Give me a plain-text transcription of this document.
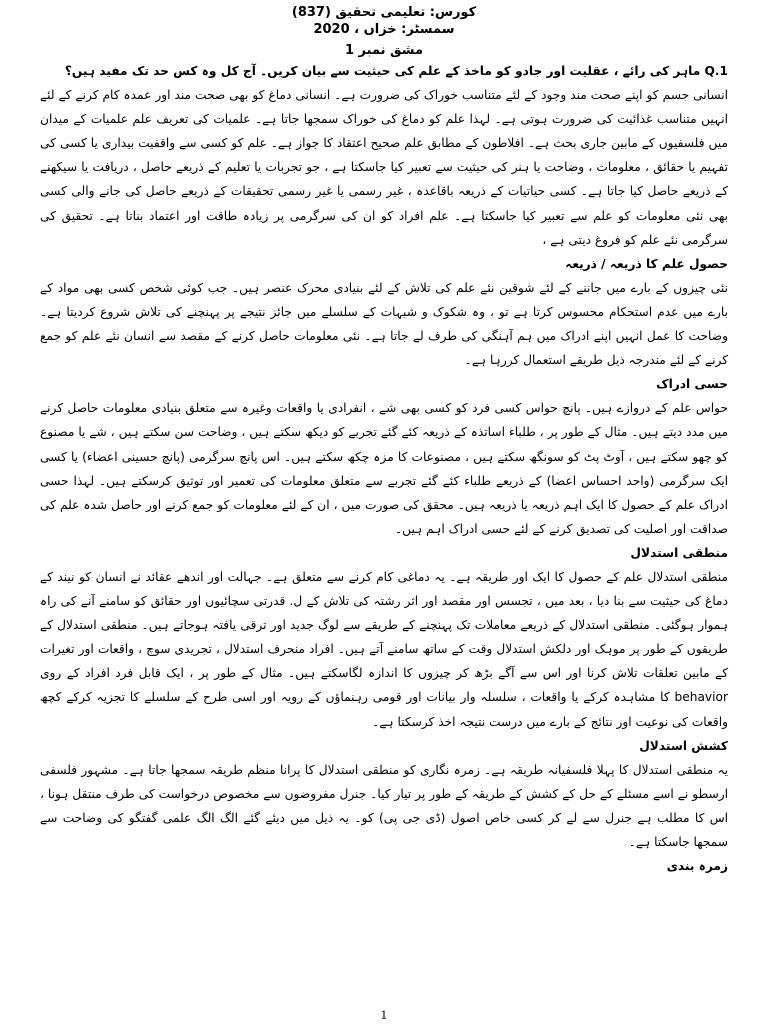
کورس: تعلیمی تحقیق (837)
سمسٹر: خزاں ، 2020
مشق نمبر 1

Q.1 ماہر کی رائے ، عقلیت اور جادو کو ماخذ کے علم کی حیثیت سے بیان کریں۔ آج کل وہ کس حد تک مفید ہیں؟

انسانی جسم کو اپنے صحت مند وجود کے لئے متناسب خوراک کی ضرورت ہے۔ انسانی دماغ کو بھی صحت مند اور عمدہ کام کرنے کے لئے انہیں متناسب غذائیت کی ضرورت ہوتی ہے۔ لہذا علم کو دماغ کی خوراک سمجھا جاتا ہے۔ علمیات کی تعریف علم علمیات کے میدان میں فلسفیوں کے مابین جاری بحث ہے۔ افلاطون کے مطابق علم صحیح اعتقاد کا جواز ہے۔ علم کو کسی سے واقفیت بیداری یا کسی کی تفہیم یا حقائق ، معلومات ، وضاحت یا ہنر کی حیثیت سے تعبیر کیا جاسکتا ہے ، جو تجربات یا تعلیم کے ذریعے حاصل ، دریافت یا سیکھنے کے ذریعے حاصل کیا جاتا ہے۔ کسی حیاتیات کے ذریعہ باقاعدہ ، غیر رسمی یا غیر رسمی تحقیقات کے ذریعے حاصل کی جانے والی کسی بھی نئی معلومات کو علم سے تعبیر کیا جاسکتا ہے۔ علم افراد کو ان کی سرگرمی پر زیادہ طاقت اور اعتماد بناتا ہے۔ تحقیق کی سرگرمی نئے علم کو فروغ دیتی ہے ،

حصول علم کا ذریعہ / ذریعہ

نئی چیزوں کے بارے میں جاننے کے لئے شوقین نئے علم کی تلاش کے لئے بنیادی محرک عنصر ہیں۔ جب کوئی شخص کسی بھی مواد کے بارے میں عدم استحکام محسوس کرتا ہے تو ، وہ شکوک و شبہات کے سلسلے میں جائز نتیجے پر پہنچنے کی تلاش شروع کردیتا ہے۔ وضاحت کا عمل انہیں اپنے ادراک میں ہم آہنگی کی طرف لے جاتا ہے۔ نئی معلومات حاصل کرنے کے مقصد سے انسان نئے علم کو جمع کرنے کے لئے مندرجہ ذیل طریقے استعمال کررہا ہے۔

حسی ادراک

حواس علم کے دروازے ہیں۔ پانچ حواس کسی فرد کو کسی بھی شے ، انفرادی یا واقعات وغیرہ سے متعلق بنیادی معلومات حاصل کرنے میں مدد دیتے ہیں۔ مثال کے طور پر ، طلباء اساتذہ کے ذریعہ کئے گئے تجربے کو دیکھ سکتے ہیں ، وضاحت سن سکتے ہیں ، شے یا مصنوع کو چھو سکتے ہیں ، آوٹ پٹ کو سونگھ سکتے ہیں ، مصنوعات کا مزہ چکھ سکتے ہیں۔ اس پانچ سرگرمی (پانچ حسینی اعضاء) یا کسی ایک سرگرمی (واحد احساس اعضا) کے ذریعے طلباء کئے گئے تجربے سے متعلق معلومات کی تعمیر اور توثیق کرسکتے ہیں۔ لہذا حسی ادراک علم کے حصول کا ایک اہم ذریعہ یا ذریعہ ہیں۔ محقق کی صورت میں ، ان کے لئے معلومات کو جمع کرنے اور حاصل شدہ علم کی صداقت اور اصلیت کی تصدیق کرنے کے لئے حسی ادراک اہم ہیں۔

منطقی استدلال

منطقی استدلال علم کے حصول کا ایک اور طریقہ ہے۔ یہ دماغی کام کرنے سے متعلق ہے۔ جہالت اور اندھے عقائد نے انسان کو نیند کے دماغ کی حیثیت سے بنا دیا ، بعد میں ، تجسس اور مقصد اور اثر رشتہ کی تلاش کے ل. قدرتی سچائیوں اور حقائق کو سامنے آنے کی راہ ہموار ہوگئی۔ منطقی استدلال کے ذریعے معاملات تک پہنچنے کے طریقے سے لوگ جدید اور ترقی یافتہ ہوجاتے ہیں۔ منطقی استدلال کے طریقوں کے طور پر موہک اور دلکش استدلال وقت کے ساتھ سامنے آتے ہیں۔ افراد منحرف استدلال ، تجریدی سوچ ، واقعات اور تغیرات کے مابین تعلقات تلاش کرنا اور اس سے آگے بڑھ کر چیزوں کا اندازہ لگاسکتے ہیں۔ مثال کے طور پر ، ایک قابل فرد افراد کے روی behavior کا مشاہدہ کرکے یا واقعات ، سلسلہ وار بیانات اور قومی رہنماؤں کے رویہ اور اسی طرح کے سلسلے کا تجزیہ کرکے کچھ واقعات کی نوعیت اور نتائج کے بارے میں درست نتیجہ اخذ کرسکتا ہے۔

کشش استدلال

یہ منطقی استدلال کا پہلا فلسفیانہ طریقہ ہے۔ زمرہ نگاری کو منطقی استدلال کا پرانا منظم طریقہ سمجھا جاتا ہے۔ مشہور فلسفی ارسطو نے اسے مسئلے کے حل کے کشش کے طریقہ کے طور پر تیار کیا۔ جنرل مفروضوں سے مخصوص درخواست کی طرف منتقل ہونا ، اس کا مطلب ہے جنرل سے لے کر کسی خاص اصول (ڈی جی پی) کو۔ یہ ذیل میں دیئے گئے الگ الگ علمی گفتگو کی وضاحت سے سمجھا جاسکتا ہے۔

زمرہ بندی

1
